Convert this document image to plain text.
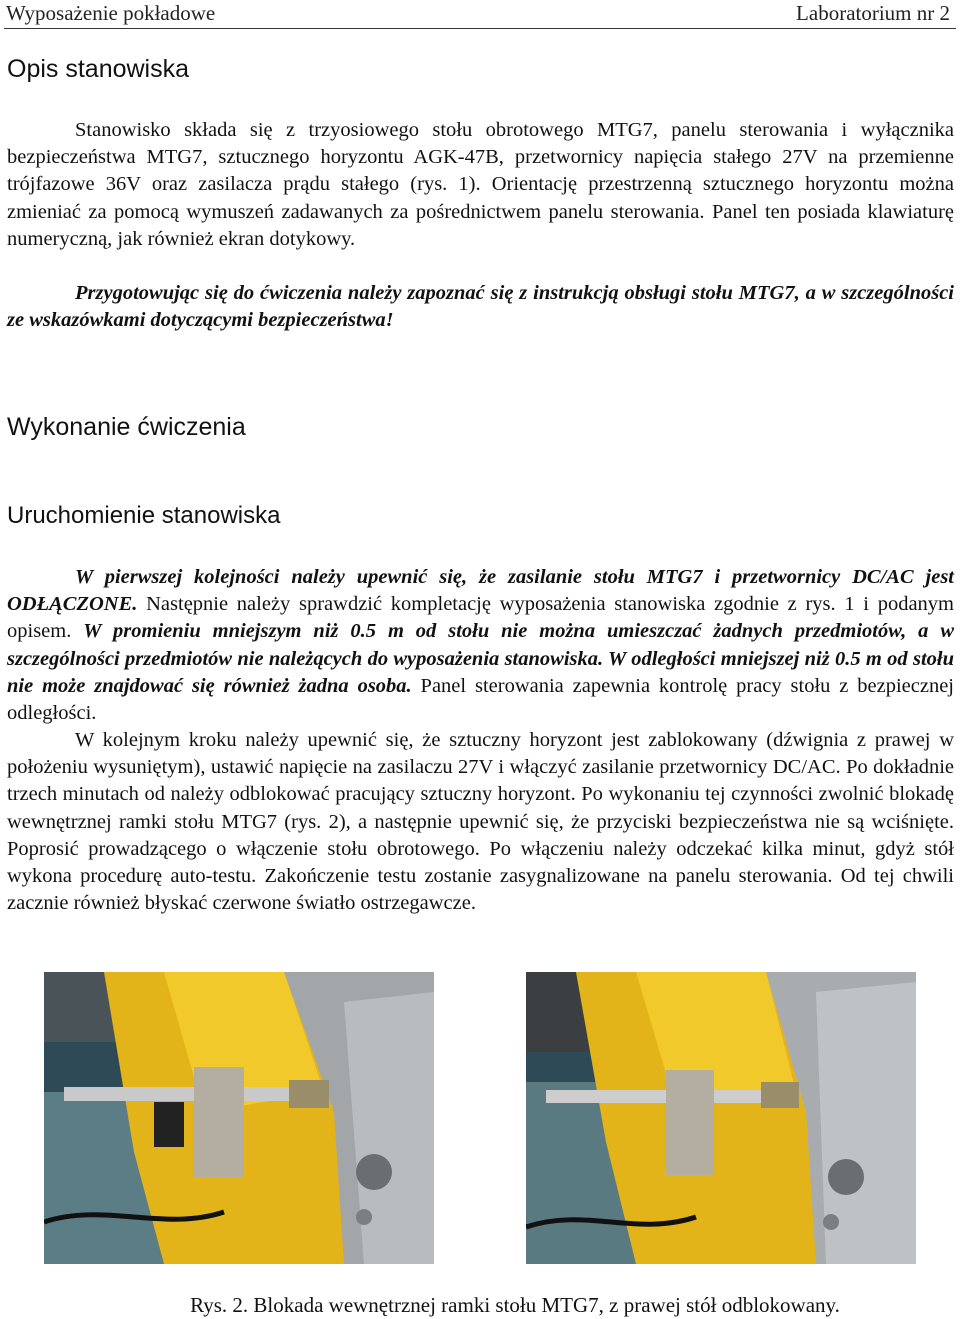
Wyposażenie pokładowe	Laboratorium nr 2
Opis stanowiska

Stanowisko składa się z trzyosiowego stołu obrotowego MTG7, panelu sterowania i wyłącznika bezpieczeństwa MTG7, sztucznego horyzontu AGK-47B, przetwornicy napięcia stałego 27V na przemienne trójfazowe 36V oraz zasilacza prądu stałego (rys. 1). Orientację przestrzenną sztucznego horyzontu można zmieniać za pomocą wymuszeń zadawanych za pośrednictwem panelu sterowania. Panel ten posiada klawiaturę numeryczną, jak również ekran dotykowy.

Przygotowując się do ćwiczenia należy zapoznać się z instrukcją obsługi stołu MTG7, a w szczególności ze wskazówkami dotyczącymi bezpieczeństwa!

Wykonanie ćwiczenia
Uruchomienie stanowiska

W pierwszej kolejności należy upewnić się, że zasilanie stołu MTG7 i przetwornicy DC/AC jest ODŁĄCZONE. Następnie należy sprawdzić kompletację wyposażenia stanowiska zgodnie z rys. 1 i podanym opisem. W promieniu mniejszym niż 0.5 m od stołu nie można umieszczać żadnych przedmiotów, a w szczególności przedmiotów nie należących do wyposażenia stanowiska. W odległości mniejszej niż 0.5 m od stołu nie może znajdować się również żadna osoba. Panel sterowania zapewnia kontrolę pracy stołu z bezpiecznej odległości.

W kolejnym kroku należy upewnić się, że sztuczny horyzont jest zablokowany (dźwignia z prawej w położeniu wysuniętym), ustawić napięcie na zasilaczu 27V i włączyć zasilanie przetwornicy DC/AC. Po dokładnie trzech minutach od należy odblokować pracujący sztuczny horyzont. Po wykonaniu tej czynności zwolnić blokadę wewnętrznej ramki stołu MTG7 (rys. 2), a następnie upewnić się, że przyciski bezpieczeństwa nie są wciśnięte. Poprosić prowadzącego o włączenie stołu obrotowego. Po włączeniu należy odczekać kilka minut, gdyż stół wykona procedurę auto-testu. Zakończenie testu zostanie zasygnalizowane na panelu sterowania. Od tej chwili zacznie również błyskać czerwone światło ostrzegawcze.

Rys. 2. Blokada wewnętrznej ramki stołu MTG7, z prawej stół odblokowany.
